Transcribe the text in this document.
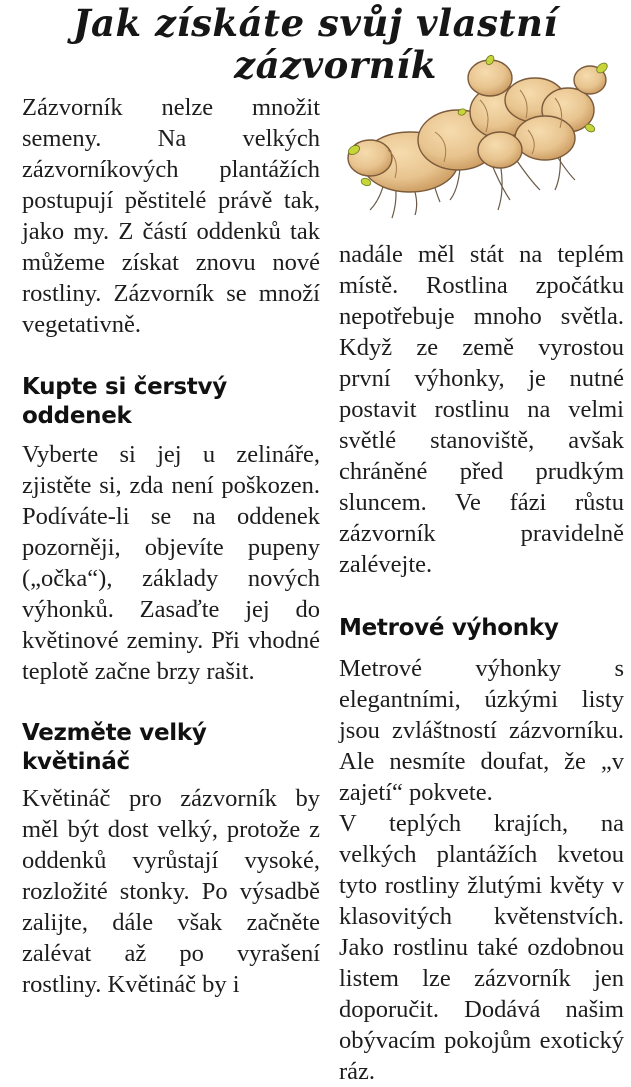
Jak získáte svůj vlastní
zázvorník

Zázvorník nelze množit semeny. Na velkých zázvorníkových plantážích postupují pěstitelé právě tak, jako my. Z částí oddenků tak můžeme získat znovu nové rostliny. Zázvorník se množí vegetativně.

Kupte si čerstvý oddenek

Vyberte si jej u zelináře, zjistěte si, zda není poškozen. Podíváte-li se na oddenek pozorněji, objevíte pupeny („očka“), základy nových výhonků. Zasaďte jej do květinové zeminy. Při vhodné teplotě začne brzy rašit.

Vezměte velký květináč

Květináč pro zázvorník by měl být dost velký, protože z oddenků vyrůstají vysoké, rozložité stonky. Po výsadbě zalijte, dále však začněte zalévat až po vyrašení rostliny. Květináč by i

nadále měl stát na teplém místě. Rostlina zpočátku nepotřebuje mnoho světla. Když ze země vyrostou první výhonky, je nutné postavit rostlinu na velmi světlé stanoviště, avšak chráněné před prudkým sluncem. Ve fázi růstu zázvorník pravidelně zalévejte.

Metrové výhonky

Metrové výhonky s elegantními, úzkými listy jsou zvláštností zázvorníku. Ale nesmíte doufat, že „v zajetí“ pokvete.

V teplých krajích, na velkých plantážích kvetou tyto rostliny žlutými květy v klasovitých květenstvích. Jako rostlinu také ozdobnou listem lze zázvorník jen doporučit. Dodává našim obývacím pokojům exotický ráz.
